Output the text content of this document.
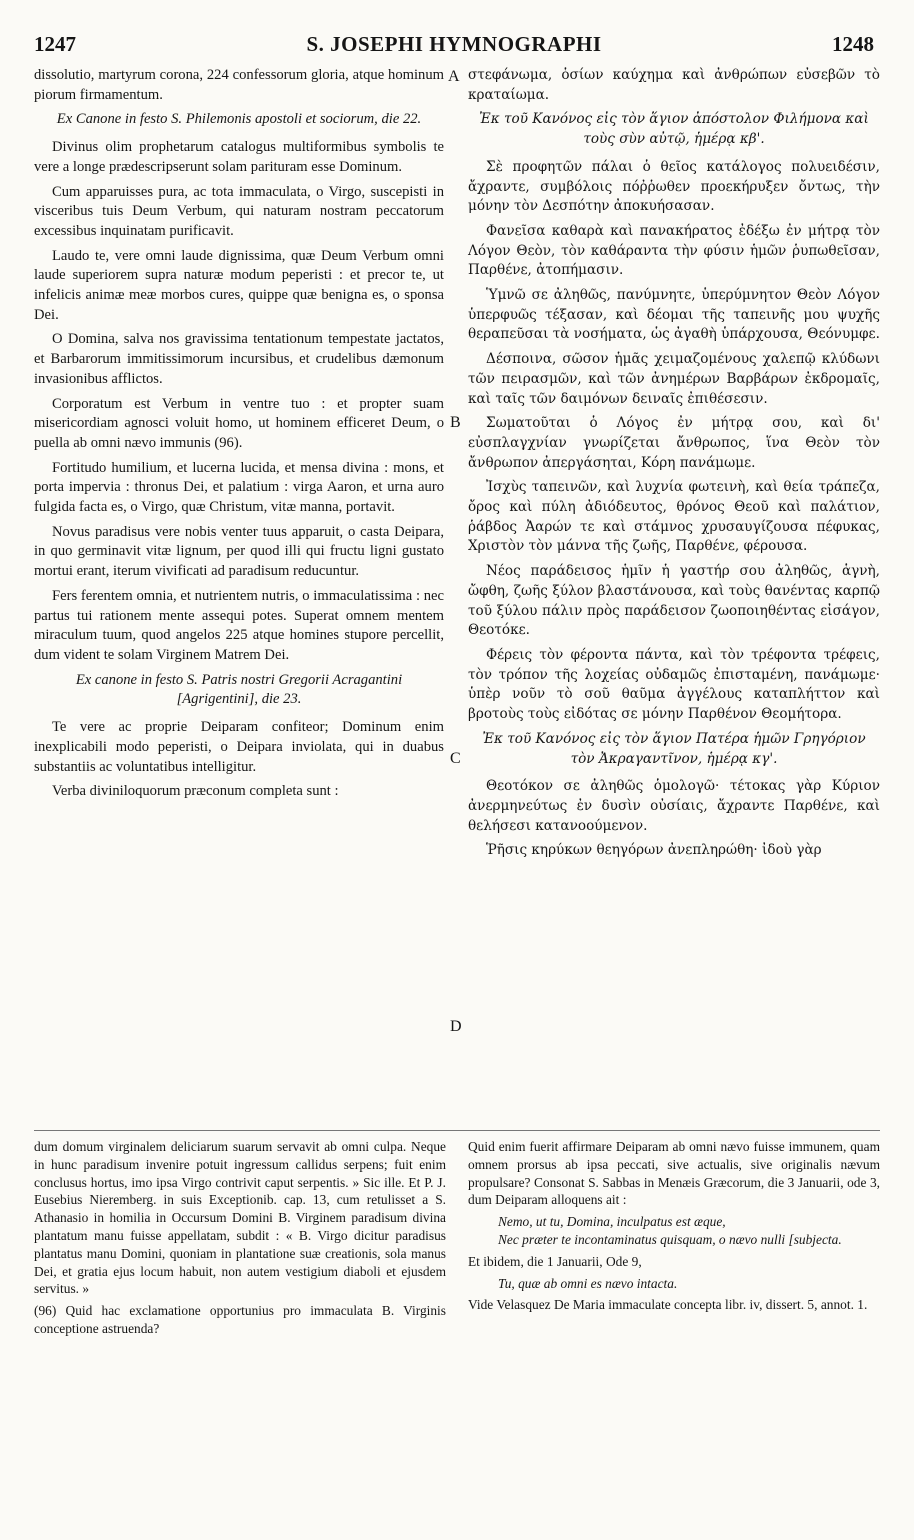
1247	S. JOSEPHI HYMNOGRAPHI	1248

dissolutio, martyrum corona, 224 confessorum gloria, atque hominum piorum firmamentum.

Ex Canone in festo S. Philemonis apostoli et sociorum, die 22.

Divinus olim prophetarum catalogus multiformibus symbolis te vere a longe prædescripserunt solam parituram esse Dominum.

Cum apparuisses pura, ac tota immaculata, o Virgo, suscepisti in visceribus tuis Deum Verbum, qui naturam nostram peccatorum excessibus inquinatam purificavit.

Laudo te, vere omni laude dignissima, quæ Deum Verbum omni laude superiorem supra naturæ modum peperisti : et precor te, ut infelicis animæ meæ morbos cures, quippe quæ benigna es, o sponsa Dei.

O Domina, salva nos gravissima tentationum tempestate jactatos, et Barbarorum immitissimorum incursibus, et crudelibus dæmonum invasionibus afflictos.

Corporatum est Verbum in ventre tuo : et propter suam misericordiam agnosci voluit homo, ut hominem efficeret Deum, o puella ab omni nævo immunis (96).

Fortitudo humilium, et lucerna lucida, et mensa divina : mons, et porta impervia : thronus Dei, et palatium : virga Aaron, et urna auro fulgida facta es, o Virgo, quæ Christum, vitæ manna, portavit.

Novus paradisus vere nobis venter tuus apparuit, o casta Deipara, in quo germinavit vitæ lignum, per quod illi qui fructu ligni gustato mortui erant, iterum vivificati ad paradisum reducuntur.

Fers ferentem omnia, et nutrientem nutris, o immaculatissima : nec partus tui rationem mente assequi potes. Superat omnem mentem miraculum tuum, quod angelos 225 atque homines stupore percellit, dum vident te solam Virginem Matrem Dei.

Ex canone in festo S. Patris nostri Gregorii Acragantini [Agrigentini], die 23.

Te vere ac proprie Deiparam confiteor; Dominum enim inexplicabili modo peperisti, o Deipara inviolata, qui in duabus substantiis ac voluntatibus intelligitur.

Verba diviniloquorum præconum completa sunt :

στεφάνωμα, ὁσίων καύχημα καὶ ἀνθρώπων εὐσεβῶν τὸ κραταίωμα.

Ἐκ τοῦ Κανόνος εἰς τὸν ἅγιον ἀπόστολον Φιλήμονα καὶ τοὺς σὺν αὐτῷ, ἡμέρᾳ κβ'.

Σὲ προφητῶν πάλαι ὁ θεῖος κατάλογος πολυειδέσιν, ἄχραντε, συμβόλοις πόῤῥωθεν προεκήρυξεν ὄντως, τὴν μόνην τὸν Δεσπότην ἀποκυήσασαν.

Φανεῖσα καθαρὰ καὶ πανακήρατος ἐδέξω ἐν μήτρᾳ τὸν Λόγον Θεὸν, τὸν καθάραντα τὴν φύσιν ἡμῶν ῥυπωθεῖσαν, Παρθένε, ἀτοπήμασιν.

Ὑμνῶ σε ἀληθῶς, πανύμνητε, ὑπερύμνητον Θεὸν Λόγον ὑπερφυῶς τέξασαν, καὶ δέομαι τῆς ταπεινῆς μου ψυχῆς θεραπεῦσαι τὰ νοσήματα, ὡς ἀγαθὴ ὑπάρχουσα, Θεόνυμφε.

Δέσποινα, σῶσον ἡμᾶς χειμαζομένους χαλεπῷ κλύδωνι τῶν πειρασμῶν, καὶ τῶν ἀνημέρων Βαρβάρων ἐκδρομαῖς, καὶ ταῖς τῶν δαιμόνων δειναῖς ἐπιθέσεσιν.

Σωματοῦται ὁ Λόγος ἐν μήτρᾳ σου, καὶ δι' εὐσπλαγχνίαν γνωρίζεται ἄνθρωπος, ἵνα Θεὸν τὸν ἄνθρωπον ἀπεργάσηται, Κόρη πανάμωμε.

Ἰσχὺς ταπεινῶν, καὶ λυχνία φωτεινὴ, καὶ θεία τράπεζα, ὄρος καὶ πύλη ἀδιόδευτος, θρόνος Θεοῦ καὶ παλάτιον, ῥάβδος Ἀαρών τε καὶ στάμνος χρυσαυγίζουσα πέφυκας, Χριστὸν τὸν μάννα τῆς ζωῆς, Παρθένε, φέρουσα.

Νέος παράδεισος ἡμῖν ἡ γαστήρ σου ἀληθῶς, ἁγνὴ, ὤφθη, ζωῆς ξύλον βλαστάνουσα, καὶ τοὺς θανέντας καρπῷ τοῦ ξύλου πάλιν πρὸς παράδεισον ζωοποιηθέντας εἰσάγον, Θεοτόκε.

Φέρεις τὸν φέροντα πάντα, καὶ τὸν τρέφοντα τρέφεις, τὸν τρόπον τῆς λοχείας οὐδαμῶς ἐπισταμένη, πανάμωμε· ὑπὲρ νοῦν τὸ σοῦ θαῦμα ἀγγέλους καταπλήττον καὶ βροτοὺς τοὺς εἰδότας σε μόνην Παρθένον Θεομήτορα.

Ἐκ τοῦ Κανόνος εἰς τὸν ἅγιον Πατέρα ἡμῶν Γρηγόριον τὸν Ἀκραγαντῖνον, ἡμέρᾳ κγ'.

Θεοτόκον σε ἀληθῶς ὁμολογῶ· τέτοκας γὰρ Κύριον ἀνερμηνεύτως ἐν δυσὶν οὐσίαις, ἄχραντε Παρθένε, καὶ θελήσεσι κατανοούμενον.

Ῥῆσις κηρύκων θεηγόρων ἀνεπληρώθη· ἰδοὺ γὰρ

A
B
C
D

dum domum virginalem deliciarum suarum servavit ab omni culpa. Neque in hunc paradisum invenire potuit ingressum callidus serpens; fuit enim conclusus hortus, imo ipsa Virgo contrivit caput serpentis. » Sic ille. Et P. J. Eusebius Nieremberg. in suis Exceptionib. cap. 13, cum retulisset a S. Athanasio in homilia in Occursum Domini B. Virginem paradisum divina plantatum manu fuisse appellatam, subdit : « B. Virgo dicitur paradisus plantatus manu Domini, quoniam in plantatione suæ creationis, sola manus Dei, et gratia ejus locum habuit, non autem vestigium diaboli et ejusdem servitus. »

(96) Quid hac exclamatione opportunius pro immaculata B. Virginis conceptione astruenda?

Quid enim fuerit affirmare Deiparam ab omni nævo fuisse immunem, quam omnem prorsus ab ipsa peccati, sive actualis, sive originalis nævum propulsare? Consonat S. Sabbas in Menæis Græcorum, die 3 Januarii, ode 3, dum Deiparam alloquens ait :

Nemo, ut tu, Domina, inculpatus est æque,
Nec præter te incontaminatus quisquam, o nævo nulli [subjecta.

Et ibidem, die 1 Januarii, Ode 9,

Tu, quæ ab omni es nævo intacta.

Vide Velasquez De Maria immaculate concepta libr. iv, dissert. 5, annot. 1.
